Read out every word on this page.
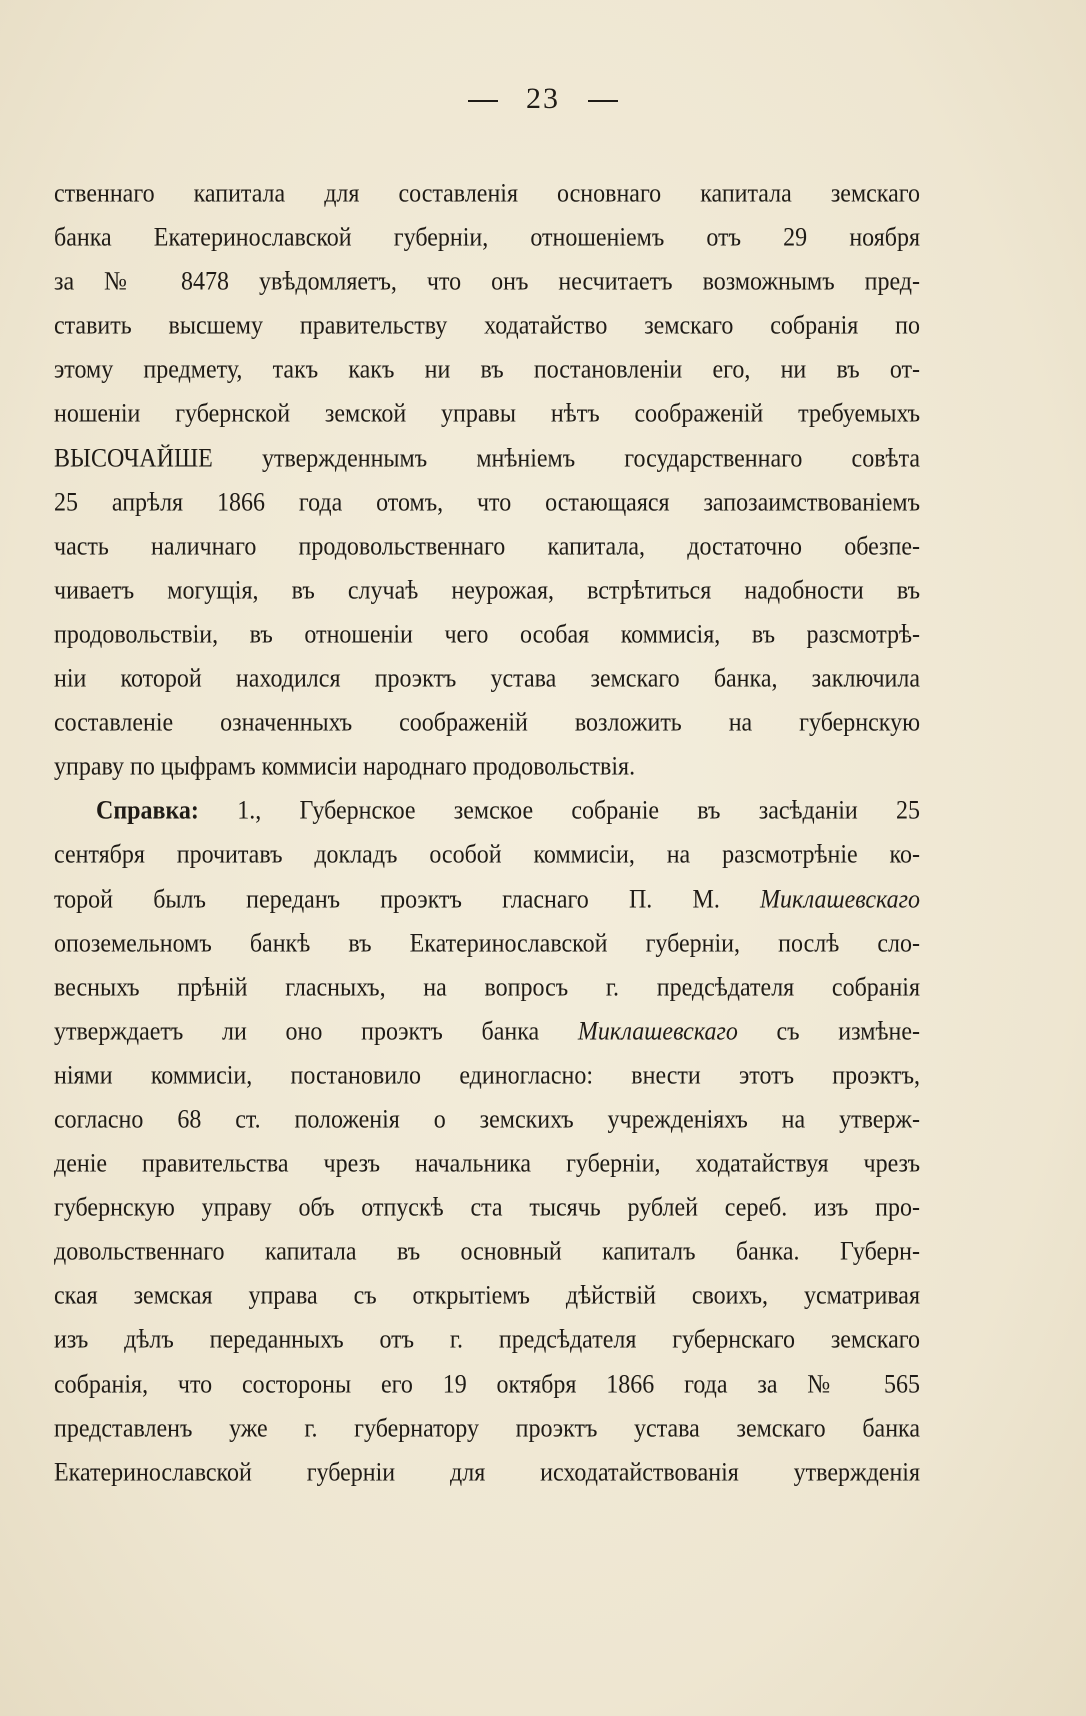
23
ственнаго капитала для составленія основнаго капитала земскаго
банка Екатеринославской губерніи, отношеніемъ отъ 29 ноября
за № 8478 увѣдомляетъ, что онъ несчитаетъ возможнымъ пред-
ставить высшему правительству ходатайство земскаго собранія по
этому предмету, такъ какъ ни въ постановленіи его, ни въ от-
ношеніи губернской земской управы нѣтъ соображеній требуемыхъ
ВЫСОЧАЙШЕ утвержденнымъ мнѣніемъ государственнаго совѣта
25 апрѣля 1866 года отомъ, что остающаяся запозаимствованіемъ
часть наличнаго продовольственнаго капитала, достаточно обезпе-
чиваетъ могущія, въ случаѣ неурожая, встрѣтиться надобности въ
продовольствіи, въ отношеніи чего особая коммисія, въ разсмотрѣ-
ніи которой находился проэктъ устава земскаго банка, заключила
составленіе означенныхъ соображеній возложить на губернскую
управу по цыфрамъ коммисіи народнаго продовольствія.
Справка: 1., Губернское земское собраніе въ засѣданіи 25
сентября прочитавъ докладъ особой коммисіи, на разсмотрѣніе ко-
торой былъ переданъ проэктъ гласнаго П. М. Миклашевскаго
опоземельномъ банкѣ въ Екатеринославской губерніи, послѣ сло-
весныхъ прѣній гласныхъ, на вопросъ г. предсѣдателя собранія
утверждаетъ ли оно проэктъ банка Миклашевскаго съ измѣне-
ніями коммисіи, постановило единогласно: внести этотъ проэктъ,
согласно 68 ст. положенія о земскихъ учрежденіяхъ на утверж-
деніе правительства чрезъ начальника губерніи, ходатайствуя чрезъ
губернскую управу объ отпускѣ ста тысячь рублей сереб. изъ про-
довольственнаго капитала въ основный капиталъ банка. Губерн-
ская земская управа съ открытіемъ дѣйствій своихъ, усматривая
изъ дѣлъ переданныхъ отъ г. предсѣдателя губернскаго земскаго
собранія, что состороны его 19 октября 1866 года за № 565
представленъ уже г. губернатору проэктъ устава земскаго банка
Екатеринославской губерніи для исходатайствованія утвержденія
